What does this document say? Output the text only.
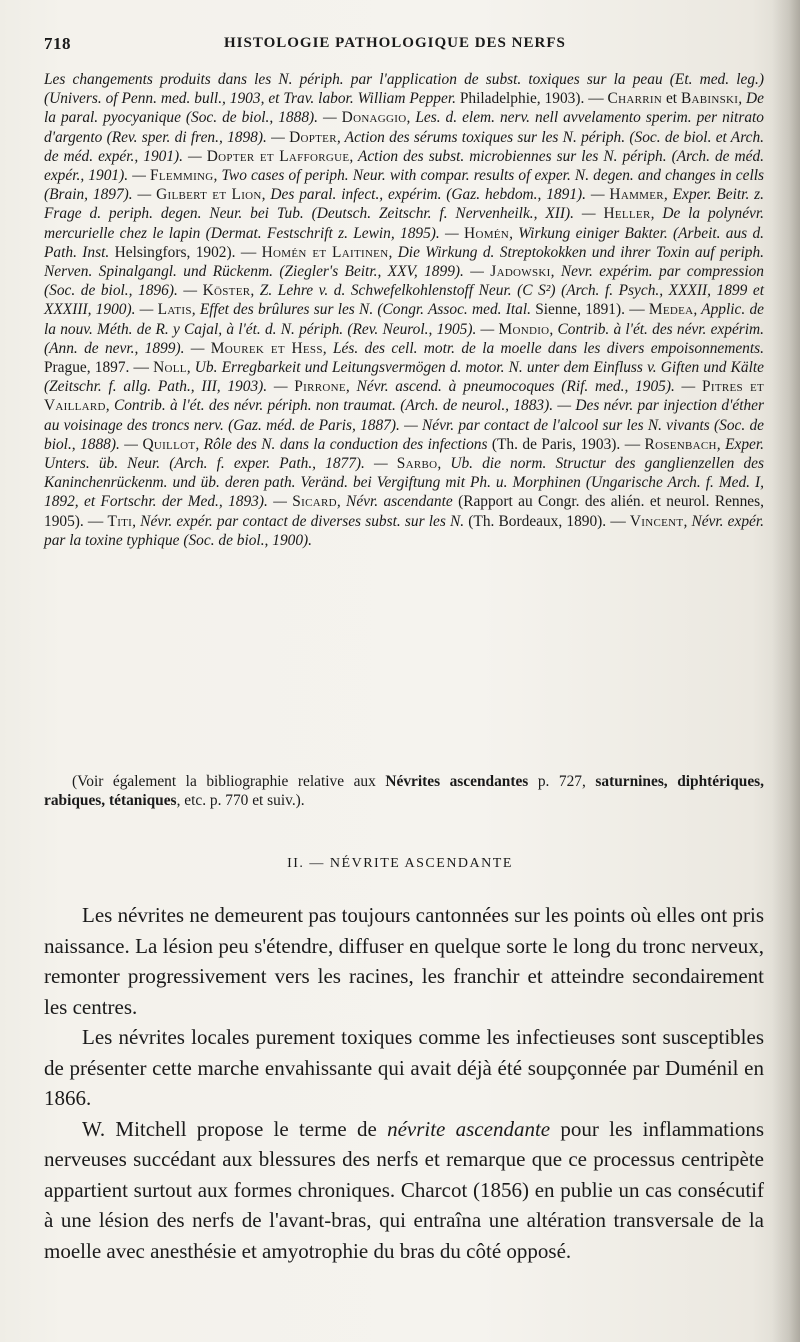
718	HISTOLOGIE PATHOLOGIQUE DES NERFS
Les changements produits dans les N. périph. par l'application de subst. toxiques sur la peau (Et. med. leg.) (Univers. of Penn. med. bull., 1903, et Trav. labor. William Pepper. Philadelphie, 1903). — Charrin et Babinski, De la paral. pyocyanique (Soc. de biol., 1888). — Donaggio, Les. d. elem. nerv. nell avvelamento sperim. per nitrato d'argento (Rev. sper. di fren., 1898). — Dopter, Action des sérums toxiques sur les N. périph. (Soc. de biol. et Arch. de méd. expér., 1901). — Dopter et Lafforgue, Action des subst. microbiennes sur les N. périph. (Arch. de méd. expér., 1901). — Flemming, Two cases of periph. Neur. with compar. results of exper. N. degen. and changes in cells (Brain, 1897). — Gilbert et Lion, Des paral. infect., expérim. (Gaz. hebdom., 1891). — Hammer, Exper. Beitr. z. Frage d. periph. degen. Neur. bei Tub. (Deutsch. Zeitschr. f. Nervenheilk., XII). — Heller, De la polynévr. mercurielle chez le lapin (Dermat. Festschrift z. Lewin, 1895). — Homén, Wirkung einiger Bakter. (Arbeit. aus d. Path. Inst. Helsingfors, 1902). — Homén et Laitinen, Die Wirkung d. Streptokokken und ihrer Toxin auf periph. Nerven. Spinalgangl. und Rückenm. (Ziegler's Beitr., XXV, 1899). — Jadowski, Nevr. expérim. par compression (Soc. de biol., 1896). — Köster, Z. Lehre v. d. Schwefelkohlenstoff Neur. (C S²) (Arch. f. Psych., XXXII, 1899 et XXXIII, 1900). — Latis, Effet des brûlures sur les N. (Congr. Assoc. med. Ital. Sienne, 1891). — Medea, Applic. de la nouv. Méth. de R. y Cajal, à l'ét. d. N. périph. (Rev. Neurol., 1905). — Mondio, Contrib. à l'ét. des névr. expérim. (Ann. de nevr., 1899). — Mourek et Hess, Lés. des cell. motr. de la moelle dans les divers empoisonnements. Prague, 1897. — Noll, Ub. Erregbarkeit und Leitungsvermögen d. motor. N. unter dem Einfluss v. Giften und Kälte (Zeitschr. f. allg. Path., III, 1903). — Pirrone, Névr. ascend. à pneumocoques (Rif. med., 1905). — Pitres et Vaillard, Contrib. à l'ét. des névr. périph. non traumat. (Arch. de neurol., 1883). — Des névr. par injection d'éther au voisinage des troncs nerv. (Gaz. méd. de Paris, 1887). — Névr. par contact de l'alcool sur les N. vivants (Soc. de biol., 1888). — Quillot, Rôle des N. dans la conduction des infections (Th. de Paris, 1903). — Rosenbach, Exper. Unters. üb. Neur. (Arch. f. exper. Path., 1877). — Sarbo, Ub. die norm. Structur des ganglienzellen des Kaninchenrückenm. und üb. deren path. Veränd. bei Vergiftung mit Ph. u. Morphinen (Ungarische Arch. f. Med. I, 1892, et Fortschr. der Med., 1893). — Sicard, Névr. ascendante (Rapport au Congr. des alién. et neurol. Rennes, 1905). — Titi, Névr. expér. par contact de diverses subst. sur les N. (Th. Bordeaux, 1890). — Vincent, Névr. expér. par la toxine typhique (Soc. de biol., 1900).
(Voir également la bibliographie relative aux Névrites ascendantes p. 727, saturnines, diphtériques, rabiques, tétaniques, etc. p. 770 et suiv.).
II. — NÉVRITE ASCENDANTE

Les névrites ne demeurent pas toujours cantonnées sur les points où elles ont pris naissance. La lésion peu s'étendre, diffuser en quelque sorte le long du tronc nerveux, remonter progressivement vers les racines, les franchir et atteindre secondairement les centres.

Les névrites locales purement toxiques comme les infectieuses sont susceptibles de présenter cette marche envahissante qui avait déjà été soupçonnée par Duménil en 1866.

W. Mitchell propose le terme de névrite ascendante pour les inflammations nerveuses succédant aux blessures des nerfs et remarque que ce processus centripète appartient surtout aux formes chroniques. Charcot (1856) en publie un cas consécutif à une lésion des nerfs de l'avant-bras, qui entraîna une altération transversale de la moelle avec anesthésie et amyotrophie du bras du côté opposé.
